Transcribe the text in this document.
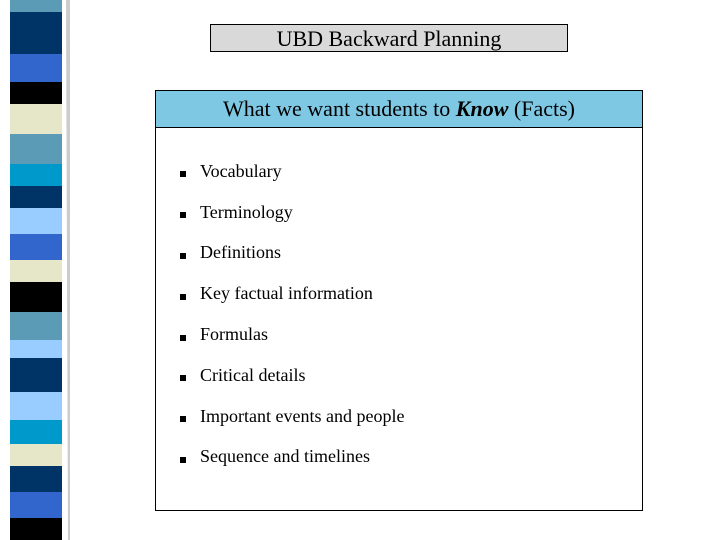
UBD Backward Planning
What we want students to Know (Facts)
Vocabulary
Terminology
Definitions
Key factual information
Formulas
Critical details
Important events and people
Sequence and timelines
